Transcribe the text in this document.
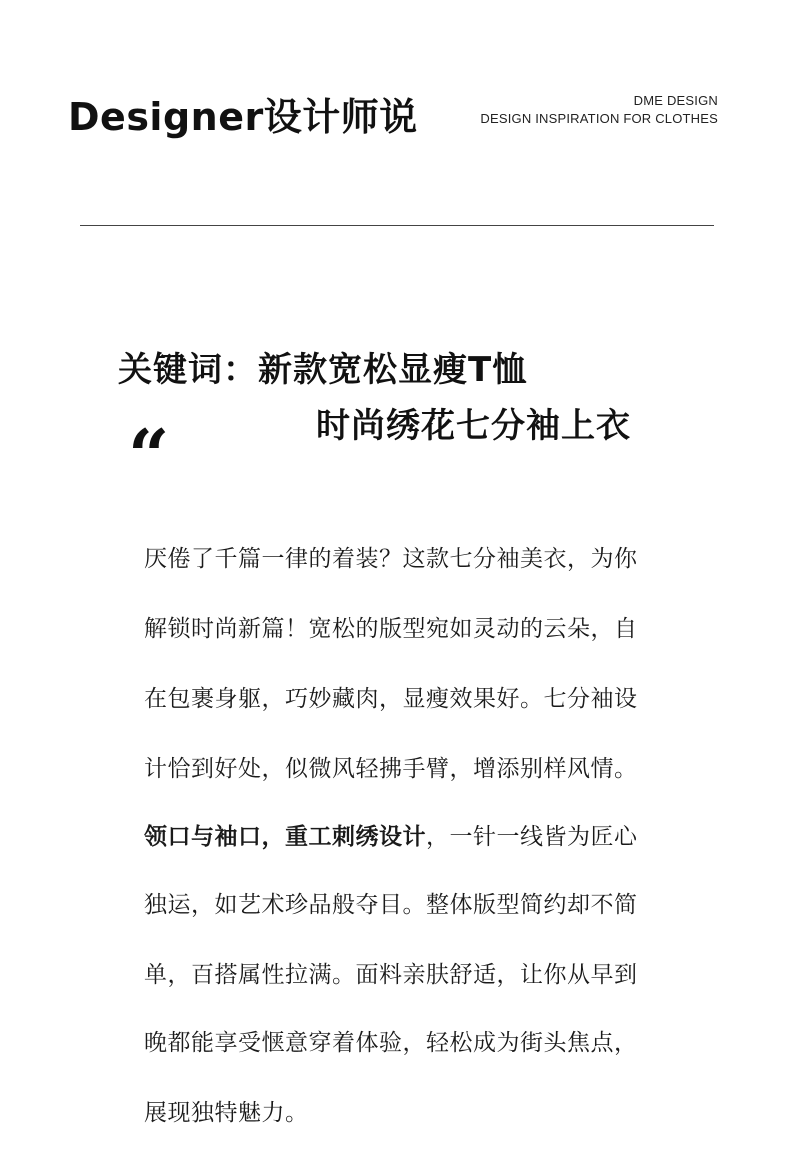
Designer设计师说	DME DESIGN
DESIGN INSPIRATION FOR CLOTHES
关键词：新款宽松显瘦T恤
时尚绣花七分袖上衣
“
厌倦了千篇一律的着装？这款七分袖美衣，为你
解锁时尚新篇！宽松的版型宛如灵动的云朵，自
在包裹身躯，巧妙藏肉，显瘦效果好。七分袖设
计恰到好处，似微风轻拂手臂，增添别样风情。
领口与袖口，重工刺绣设计，一针一线皆为匠心
独运，如艺术珍品般夺目。整体版型简约却不简
单，百搭属性拉满。面料亲肤舒适，让你从早到
晚都能享受惬意穿着体验，轻松成为街头焦点，
展现独特魅力。
